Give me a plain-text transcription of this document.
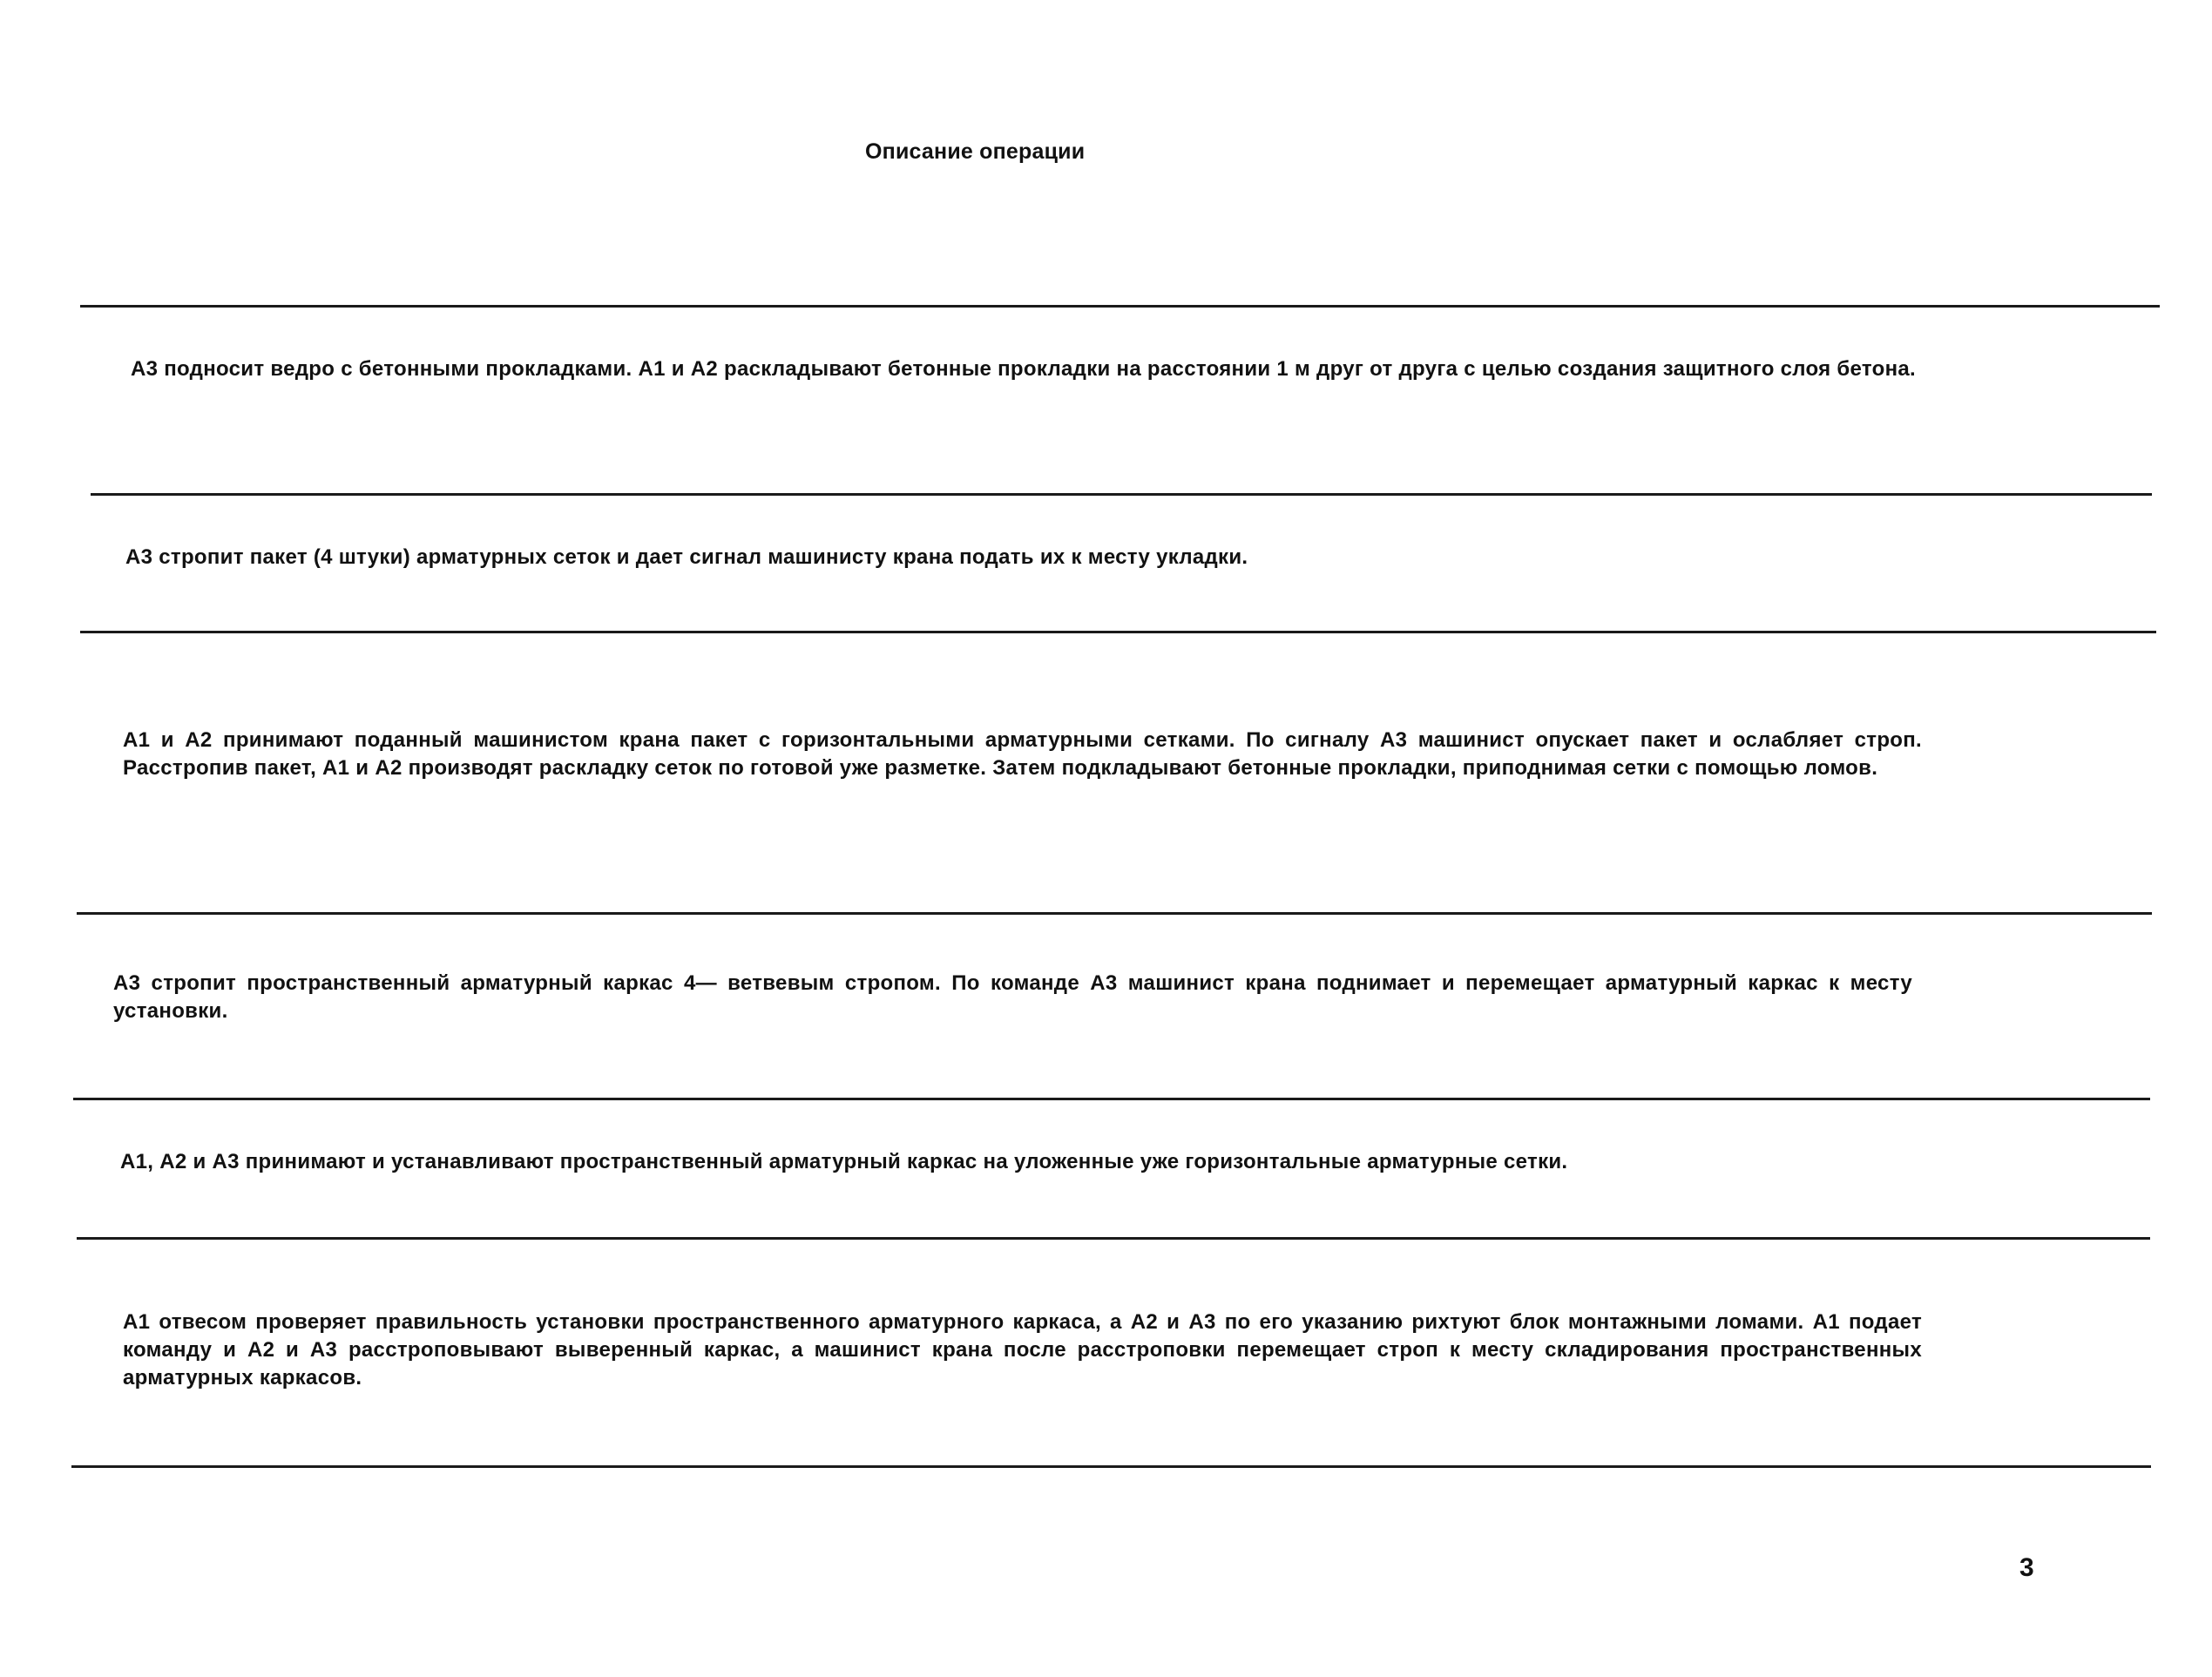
Описание операции
А3 подносит ведро с бетонными прокладками. А1 и А2 раскладывают бетонные прокладки на расстоянии 1 м друг от друга с целью создания защитного слоя бетона.
А3 стропит пакет (4 штуки) арматурных сеток и дает сигнал машинисту крана подать их к месту укладки.
А1 и А2 принимают поданный машинистом крана пакет с горизонтальными арматурными сетками. По сигналу А3 машинист опускает пакет и ослабляет строп. Расстропив пакет, А1 и А2 производят раскладку сеток по готовой уже разметке. Затем подкладывают бетонные прокладки, приподнимая сетки с помощью ломов.
А3 стропит пространственный арматурный каркас 4— ветвевым стропом. По команде А3 машинист крана поднимает и перемещает арматурный каркас к месту установки.
А1, А2 и А3 принимают и устанавливают пространственный арматурный каркас на уложенные уже горизонтальные арматурные сетки.
А1 отвесом проверяет правильность установки пространственного арматурного каркаса, а А2 и А3 по его указанию рихтуют блок монтажными ломами. А1 подает команду и А2 и А3 расстроповывают выверенный каркас, а машинист крана после расстроповки перемещает строп к месту складирования пространственных арматурных каркасов.
3
